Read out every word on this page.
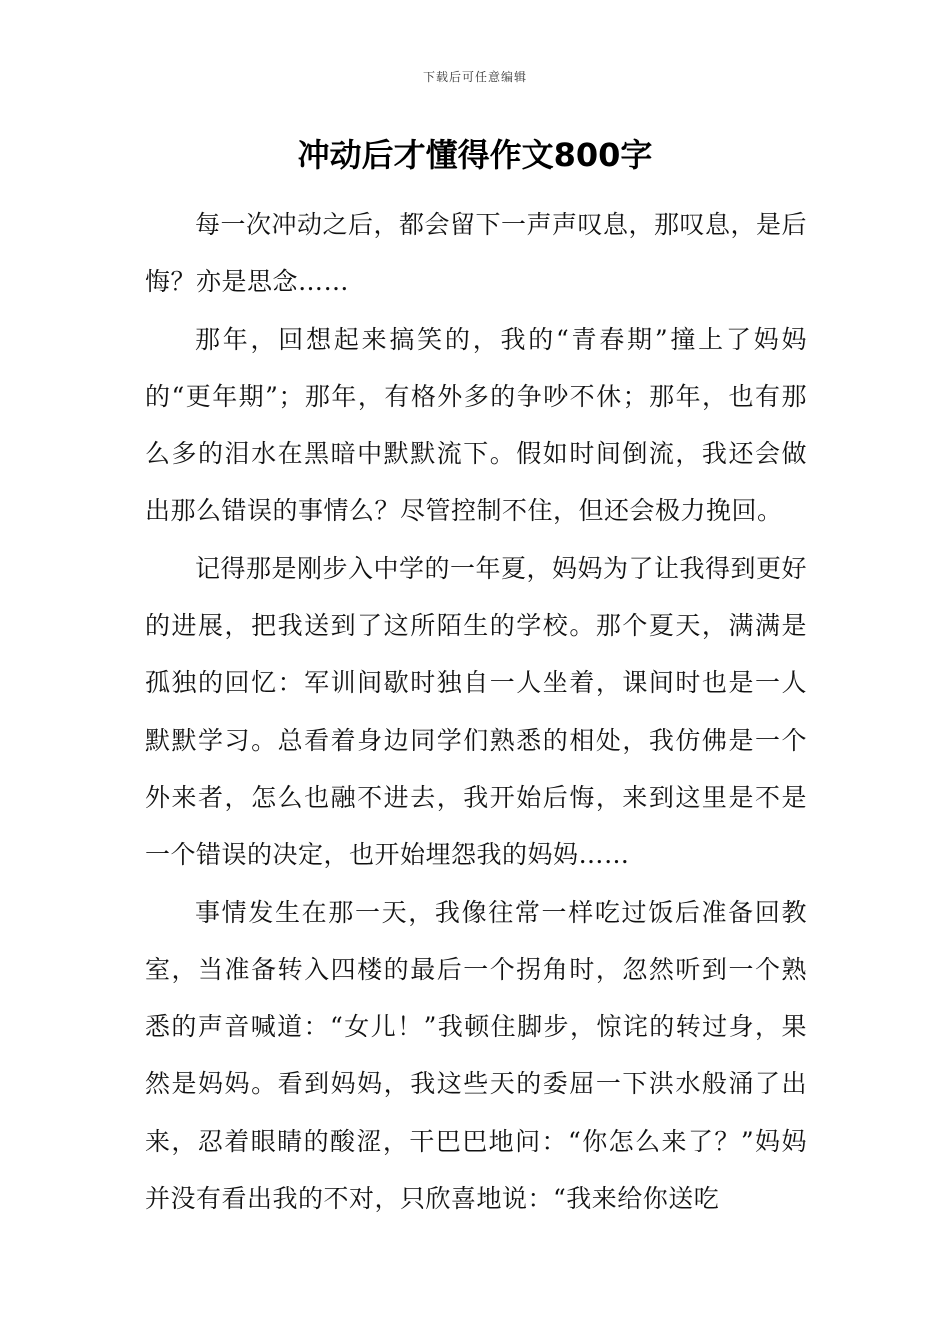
下载后可任意编辑
冲动后才懂得作文800字

每一次冲动之后，都会留下一声声叹息，那叹息，是后悔？亦是思念……

那年，回想起来搞笑的，我的“青春期”撞上了妈妈的“更年期”；那年，有格外多的争吵不休；那年，也有那么多的泪水在黑暗中默默流下。假如时间倒流，我还会做出那么错误的事情么？尽管控制不住，但还会极力挽回。

记得那是刚步入中学的一年夏，妈妈为了让我得到更好的进展，把我送到了这所陌生的学校。那个夏天，满满是孤独的回忆：军训间歇时独自一人坐着，课间时也是一人默默学习。总看着身边同学们熟悉的相处，我仿佛是一个外来者，怎么也融不进去，我开始后悔，来到这里是不是一个错误的决定，也开始埋怨我的妈妈……

事情发生在那一天，我像往常一样吃过饭后准备回教室，当准备转入四楼的最后一个拐角时，忽然听到一个熟悉的声音喊道：“女儿！”我顿住脚步，惊诧的转过身，果然是妈妈。看到妈妈，我这些天的委屈一下洪水般涌了出来，忍着眼睛的酸涩，干巴巴地问：“你怎么来了？”妈妈并没有看出我的不对，只欣喜地说：“我来给你送吃
